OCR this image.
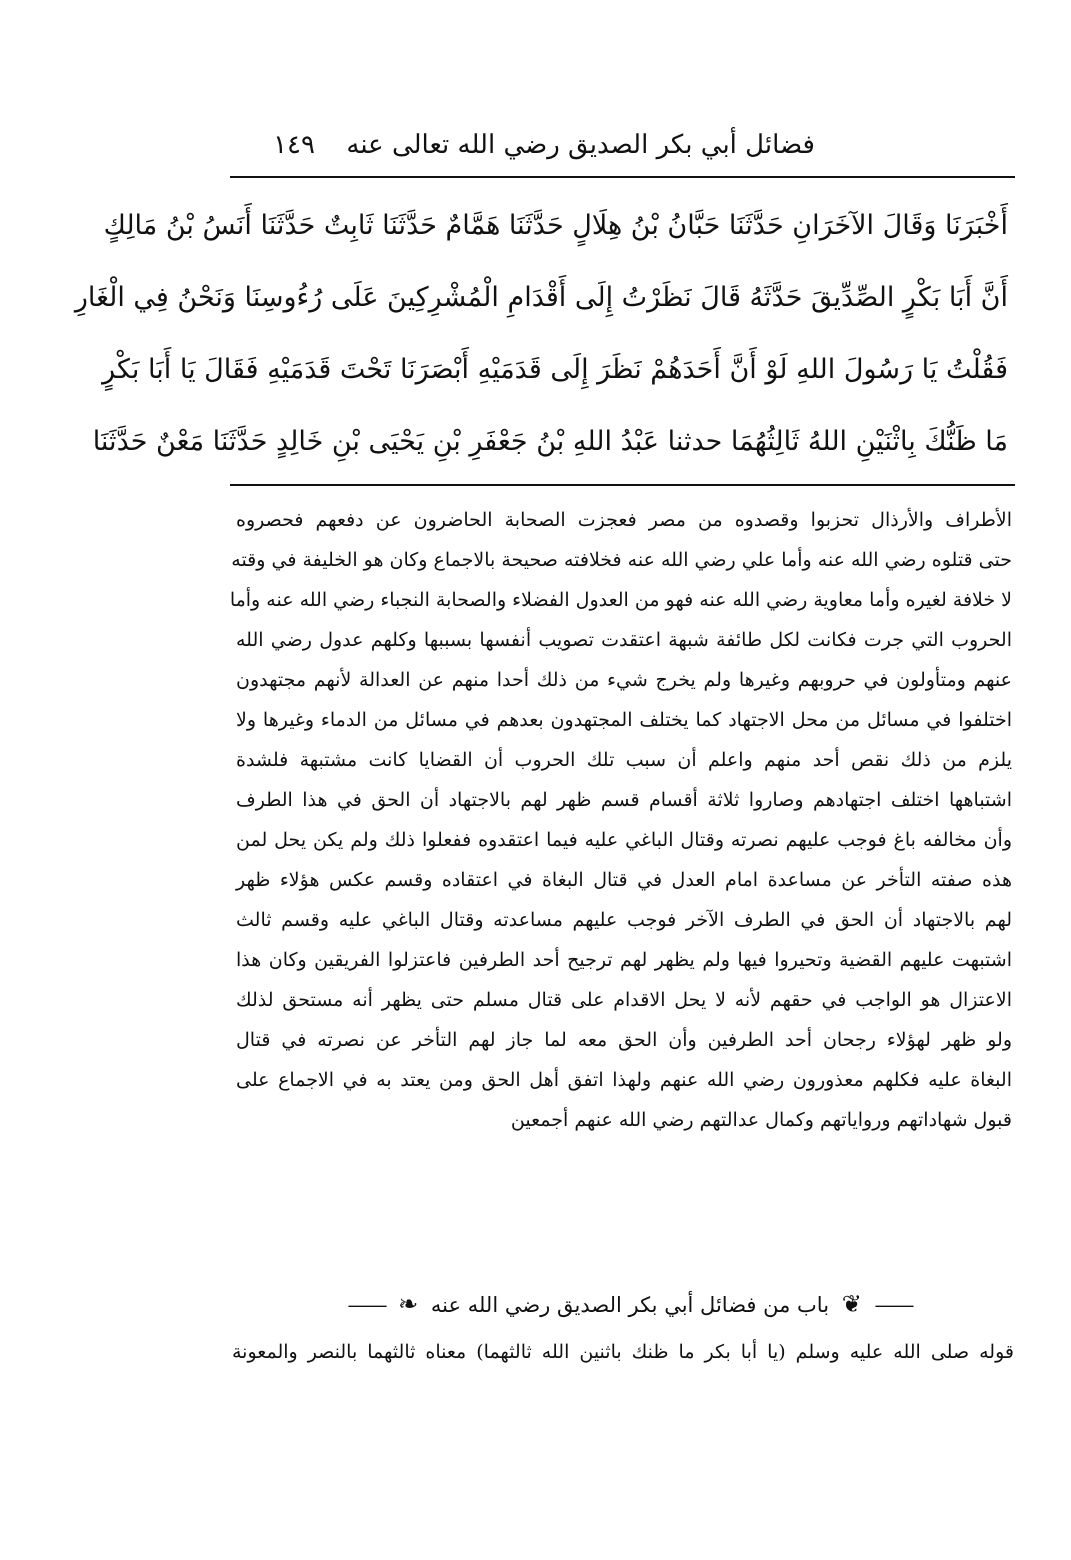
فضائل أبي بكر الصديق رضي الله تعالى عنه
١٤٩
أَخْبَرَنَا وَقَالَ الآخَرَانِ حَدَّثَنَا حَبَّانُ بْنُ هِلَالٍ حَدَّثَنَا هَمَّامٌ حَدَّثَنَا ثَابِتٌ حَدَّثَنَا أَنَسُ بْنُ مَالِكٍ
أَنَّ أَبَا بَكْرٍ الصِّدِّيقَ حَدَّثَهُ قَالَ نَظَرْتُ إِلَى أَقْدَامِ الْمُشْرِكِينَ عَلَى رُءُوسِنَا وَنَحْنُ فِي الْغَارِ
فَقُلْتُ يَا رَسُولَ اللهِ لَوْ أَنَّ أَحَدَهُمْ نَظَرَ إِلَى قَدَمَيْهِ أَبْصَرَنَا تَحْتَ قَدَمَيْهِ فَقَالَ يَا أَبَا بَكْرٍ
مَا ظَنُّكَ بِاثْنَيْنِ اللهُ ثَالِثُهُمَا حدثنا عَبْدُ اللهِ بْنُ جَعْفَرِ بْنِ يَحْيَى بْنِ خَالِدٍ حَدَّثَنَا مَعْنٌ حَدَّثَنَا
الأطراف والأرذال تحزبوا وقصدوه من مصر فعجزت الصحابة الحاضرون عن دفعهم فحصروه
حتى قتلوه رضي الله عنه وأما علي رضي الله عنه فخلافته صحيحة بالاجماع وكان هو الخليفة في وقته
لا خلافة لغيره وأما معاوية رضي الله عنه فهو من العدول الفضلاء والصحابة النجباء رضي الله عنه وأما
الحروب التي جرت فكانت لكل طائفة شبهة اعتقدت تصويب أنفسها بسببها وكلهم عدول رضي الله
عنهم ومتأولون في حروبهم وغيرها ولم يخرج شيء من ذلك أحدا منهم عن العدالة لأنهم مجتهدون
اختلفوا في مسائل من محل الاجتهاد كما يختلف المجتهدون بعدهم في مسائل من الدماء وغيرها ولا
يلزم من ذلك نقص أحد منهم واعلم أن سبب تلك الحروب أن القضايا كانت مشتبهة فلشدة
اشتباهها اختلف اجتهادهم وصاروا ثلاثة أقسام قسم ظهر لهم بالاجتهاد أن الحق في هذا الطرف
وأن مخالفه باغ فوجب عليهم نصرته وقتال الباغي عليه فيما اعتقدوه ففعلوا ذلك ولم يكن يحل لمن
هذه صفته التأخر عن مساعدة امام العدل في قتال البغاة في اعتقاده وقسم عكس هؤلاء ظهر
لهم بالاجتهاد أن الحق في الطرف الآخر فوجب عليهم مساعدته وقتال الباغي عليه وقسم ثالث
اشتبهت عليهم القضية وتحيروا فيها ولم يظهر لهم ترجيح أحد الطرفين فاعتزلوا الفريقين وكان هذا
الاعتزال هو الواجب في حقهم لأنه لا يحل الاقدام على قتال مسلم حتى يظهر أنه مستحق لذلك
ولو ظهر لهؤلاء رجحان أحد الطرفين وأن الحق معه لما جاز لهم التأخر عن نصرته في قتال
البغاة عليه فكلهم معذورون رضي الله عنهم ولهذا اتفق أهل الحق ومن يعتد به في الاجماع على
قبول شهاداتهم ورواياتهم وكمال عدالتهم رضي الله عنهم أجمعين
—— ❦ باب من فضائل أبي بكر الصديق رضي الله عنه ❧ ——
قوله صلى الله عليه وسلم (يا أبا بكر ما ظنك باثنين الله ثالثهما) معناه ثالثهما بالنصر والمعونة
